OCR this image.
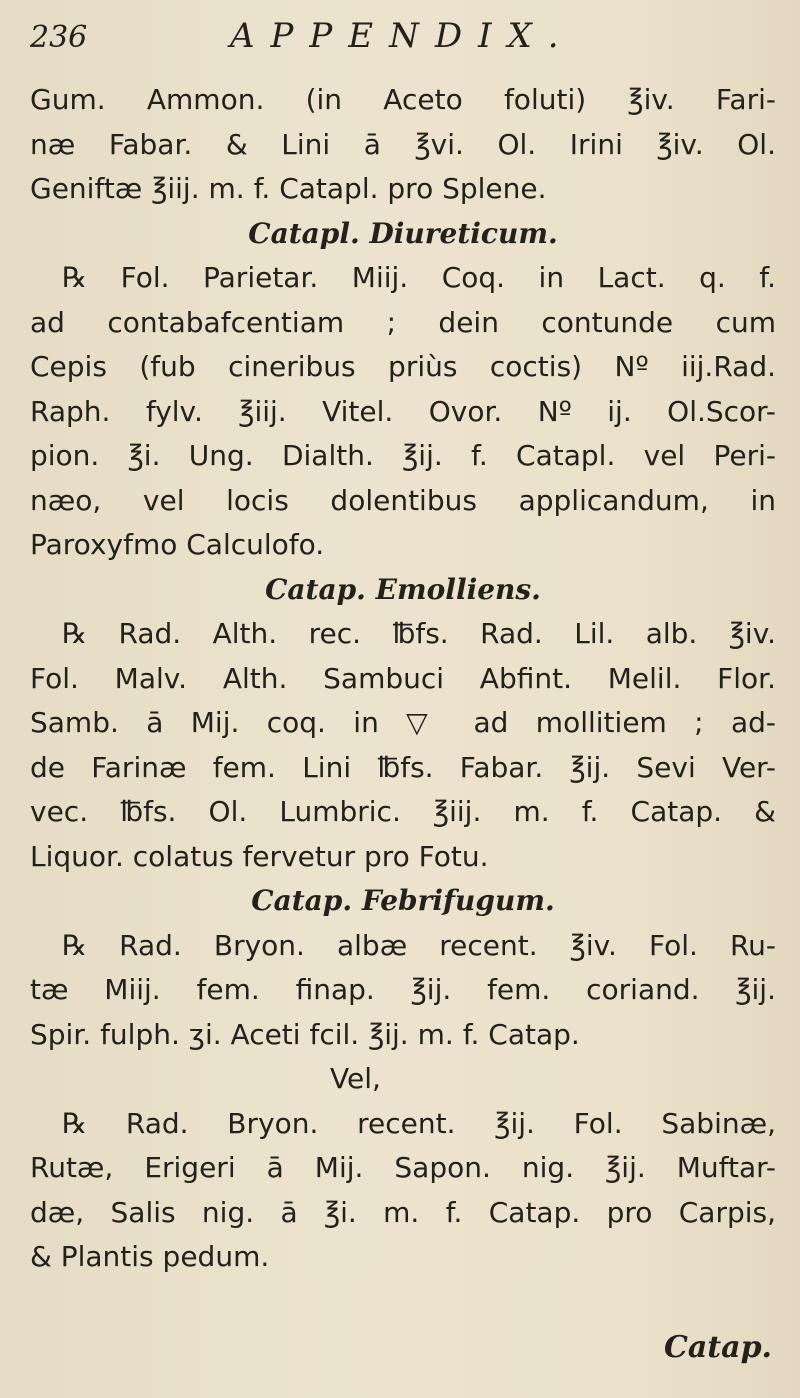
236	APPENDIX.
Gum. Ammon. (in Aceto foluti) ℥iv. Fari-
næ Fabar. & Lini ā ℥vi. Ol. Irini ℥iv. Ol.
Geniftæ ℥iij. m. f. Catapl. pro Splene.
Catapl. Diureticum.
℞ Fol. Parietar. Miij. Coq. in Lact. q. f.
ad contabafcentiam ; dein contunde cum
Cepis (fub cineribus priùs coctis) Nº iij.Rad.
Raph. fylv. ℥iij. Vitel. Ovor. Nº ij. Ol.Scor-
pion. ℥i. Ung. Dialth. ℥ij. f. Catapl. vel Peri-
næo, vel locis dolentibus applicandum, in
Paroxyfmo Calculofo.
Catap. Emolliens.
℞ Rad. Alth. rec. ℔fs. Rad. Lil. alb. ℥iv.
Fol. Malv. Alth. Sambuci Abfint. Melil. Flor.
Samb. ā Mij. coq. in ▽ ad mollitiem ; ad-
de Farinæ fem. Lini ℔fs. Fabar. ℥ij. Sevi Ver-
vec. ℔fs. Ol. Lumbric. ℥iij. m. f. Catap. &
Liquor. colatus fervetur pro Fotu.
Catap. Febrifugum.
℞ Rad. Bryon. albæ recent. ℥iv. Fol. Ru-
tæ Miij. fem. finap. ℥ij. fem. coriand. ℥ij.
Spir. fulph. ʒi. Aceti fcil. ℥ij. m. f. Catap.
Vel,
℞ Rad. Bryon. recent. ℥ij. Fol. Sabinæ,
Rutæ, Erigeri ā Mij. Sapon. nig. ℥ij. Muftar-
dæ, Salis nig. ā ℥i. m. f. Catap. pro Carpis,
& Plantis pedum.
Catap.
